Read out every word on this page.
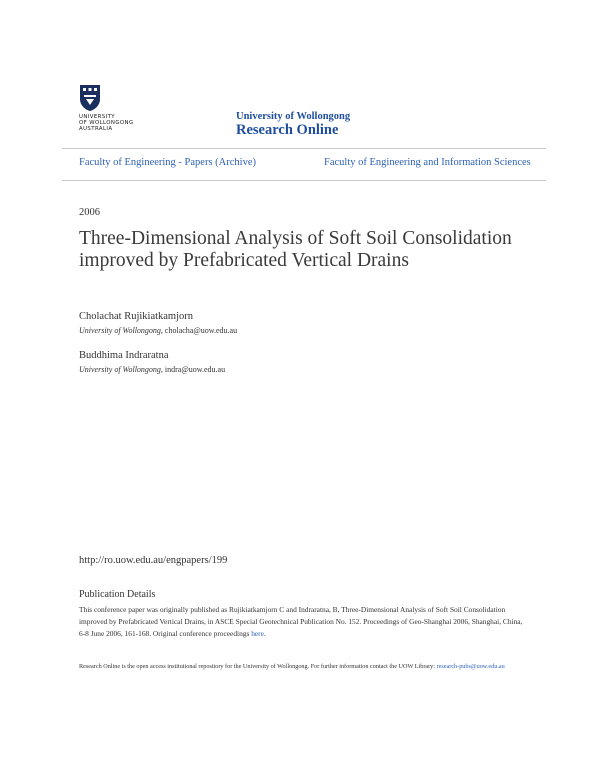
UNIVERSITY
OF WOLLONGONG
AUSTRALIA
University of Wollongong
Research Online
Faculty of Engineering - Papers (Archive)	Faculty of Engineering and Information Sciences
2006
Three-Dimensional Analysis of Soft Soil Consolidation improved by Prefabricated Vertical Drains
Cholachat Rujikiatkamjorn
University of Wollongong, cholacha@uow.edu.au
Buddhima Indraratna
University of Wollongong, indra@uow.edu.au
http://ro.uow.edu.au/engpapers/199
Publication Details
This conference paper was originally published as Rujikiatkamjorn C and Indraratna, B, Three-Dimensional Analysis of Soft Soil Consolidation improved by Prefabricated Vertical Drains, in ASCE Special Geotechnical Publication No. 152. Proceedings of Geo-Shanghai 2006, Shanghai, China, 6-8 June 2006, 161-168. Original conference proceedings here.
Research Online is the open access institutional repository for the University of Wollongong. For further information contact the UOW Library: research-pubs@uow.edu.au
